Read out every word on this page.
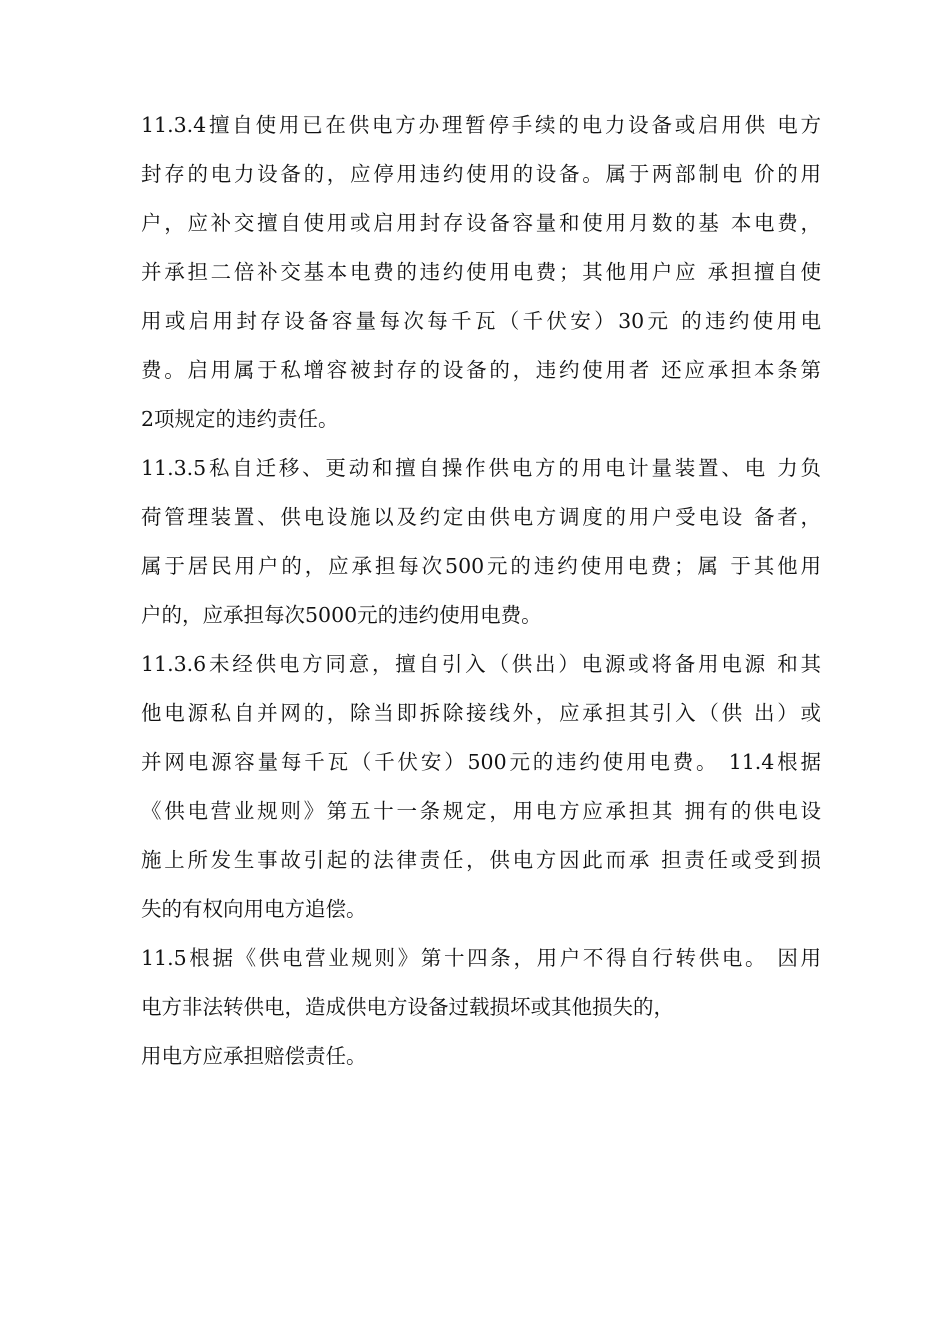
11.3.4擅自使用已在供电方办理暂停手续的电力设备或启用供 电方
封存的电力设备的，应停用违约使用的设备。属于两部制电 价的用
户，应补交擅自使用或启用封存设备容量和使用月数的基 本电费，
并承担二倍补交基本电费的违约使用电费；其他用户应 承担擅自使
用或启用封存设备容量每次每千瓦（千伏安）30元 的违约使用电
费。启用属于私增容被封存的设备的，违约使用者 还应承担本条第
2项规定的违约责任。
11.3.5私自迁移、更动和擅自操作供电方的用电计量装置、电 力负
荷管理装置、供电设施以及约定由供电方调度的用户受电设 备者，
属于居民用户的，应承担每次500元的违约使用电费；属 于其他用
户的，应承担每次5000元的违约使用电费。
11.3.6未经供电方同意，擅自引入（供出）电源或将备用电源 和其
他电源私自并网的，除当即拆除接线外，应承担其引入（供 出）或
并网电源容量每千瓦（千伏安）500元的违约使用电费。 11.4根据
《供电营业规则》第五十一条规定，用电方应承担其 拥有的供电设
施上所发生事故引起的法律责任，供电方因此而承 担责任或受到损
失的有权向用电方追偿。
11.5根据《供电营业规则》第十四条，用户不得自行转供电。 因用
电方非法转供电，造成供电方设备过载损坏或其他损失的，
用电方应承担赔偿责任。
